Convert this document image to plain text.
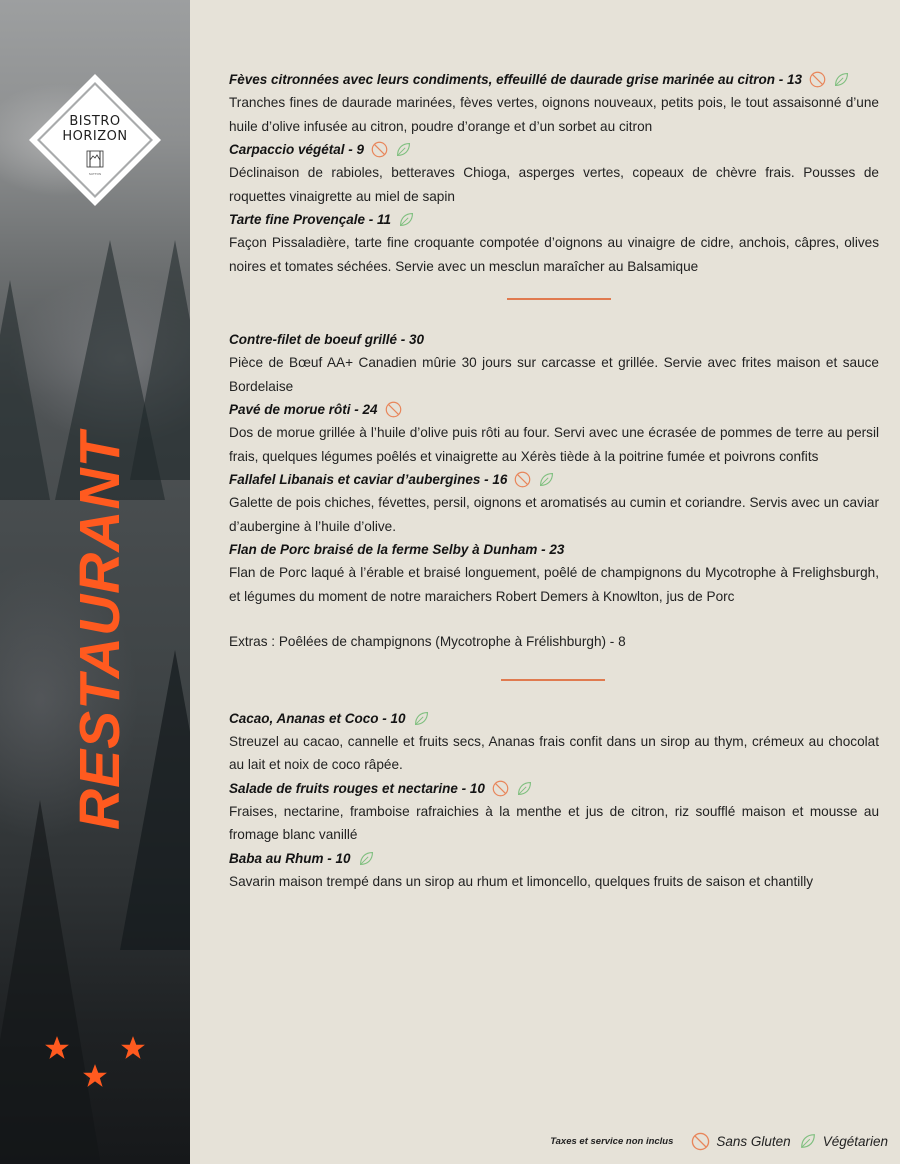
BISTRO
HORIZON
SUTTON
RESTAURANT
Fèves citronnées avec leurs condiments, effeuillé de daurade grise marinée au citron - 13
Tranches fines de daurade marinées, fèves vertes, oignons nouveaux, petits pois, le tout assaisonné d’une huile d’olive infusée au citron, poudre d’orange et d’un sorbet au citron
Carpaccio végétal - 9
Déclinaison de rabioles, betteraves Chioga, asperges vertes, copeaux de chèvre frais. Pousses de roquettes vinaigrette au miel de sapin
Tarte fine Provençale - 11
Façon Pissaladière, tarte fine croquante compotée d’oignons au vinaigre de cidre, anchois, câpres, olives noires et tomates séchées. Servie avec un mesclun maraîcher au Balsamique
Contre-filet de boeuf grillé - 30
Pièce de Bœuf AA+ Canadien mûrie 30 jours sur carcasse et grillée. Servie avec frites maison et sauce Bordelaise
Pavé de morue rôti - 24
Dos de morue grillée à l’huile d’olive puis rôti au four. Servi avec une écrasée de pommes de terre au persil frais, quelques légumes poêlés et vinaigrette au Xérès tiède à la poitrine fumée et poivrons confits
Fallafel Libanais et caviar d’aubergines - 16
Galette de pois chiches, févettes, persil, oignons et aromatisés au cumin et coriandre. Servis avec un caviar d’aubergine à l’huile d’olive.
Flan de Porc braisé de la ferme Selby à Dunham - 23
Flan de Porc laqué à l’érable et braisé longuement, poêlé de champignons du Mycotrophe à Frelighsburgh, et légumes du moment de notre maraichers Robert Demers à Knowlton, jus de Porc
Extras : Poêlées de champignons (Mycotrophe à Frélishburgh) - 8
Cacao, Ananas et Coco - 10
Streuzel au cacao, cannelle et fruits secs, Ananas frais confit dans un sirop au thym, crémeux au chocolat au lait et noix de coco râpée.
Salade de fruits rouges et nectarine - 10
Fraises, nectarine, framboise rafraichies à la menthe et jus de citron, riz soufflé maison et mousse au fromage blanc vanillé
Baba au Rhum - 10
Savarin maison trempé dans un sirop au rhum et limoncello, quelques fruits de saison et chantilly
Taxes et service non inclus	Sans Gluten Végétarien
